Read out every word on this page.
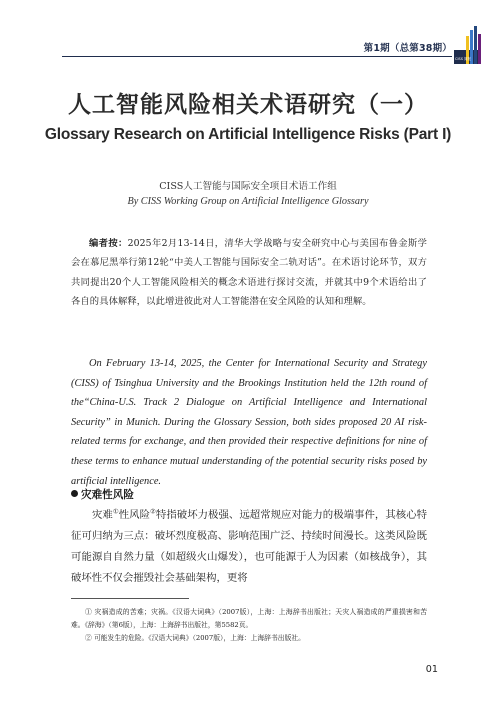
第1期（总第38期）
CISS 简报
人工智能风险相关术语研究（一）
Glossary Research on Artificial Intelligence Risks (Part I)
CISS人工智能与国际安全项目术语工作组
By CISS Working Group on Artificial Intelligence Glossary
编者按：2025年2月13-14日，清华大学战略与安全研究中心与美国布鲁金斯学会在慕尼黑举行第12轮“中美人工智能与国际安全二轨对话”。在术语讨论环节，双方共同提出20个人工智能风险相关的概念术语进行探讨交流，并就其中9个术语给出了各自的具体解释，以此增进彼此对人工智能潜在安全风险的认知和理解。
On February 13-14, 2025, the Center for International Security and Strategy (CISS) of Tsinghua University and the Brookings Institution held the 12th round of the“China-U.S. Track 2 Dialogue on Artificial Intelligence and International Security” in Munich. During the Glossary Session, both sides proposed 20 AI risk-related terms for exchange, and then provided their respective definitions for nine of these terms to enhance mutual understanding of the potential security risks posed by artificial intelligence.
灾难性风险
灾难①性风险②特指破坏力极强、远超常规应对能力的极端事件，其核心特征可归纳为三点：破坏烈度极高、影响范围广泛、持续时间漫长。这类风险既可能源自自然力量（如超级火山爆发），也可能源于人为因素（如核战争），其破坏性不仅会摧毁社会基础架构，更将

① 灾祸造成的苦难；灾祸。《汉语大词典》（2007版），上海：上海辞书出版社；天灾人祸造成的严重损害和苦难。《辞海》（第6版），上海：上海辞书出版社，第5582页。

② 可能发生的危险。《汉语大词典》（2007版），上海：上海辞书出版社。

01
